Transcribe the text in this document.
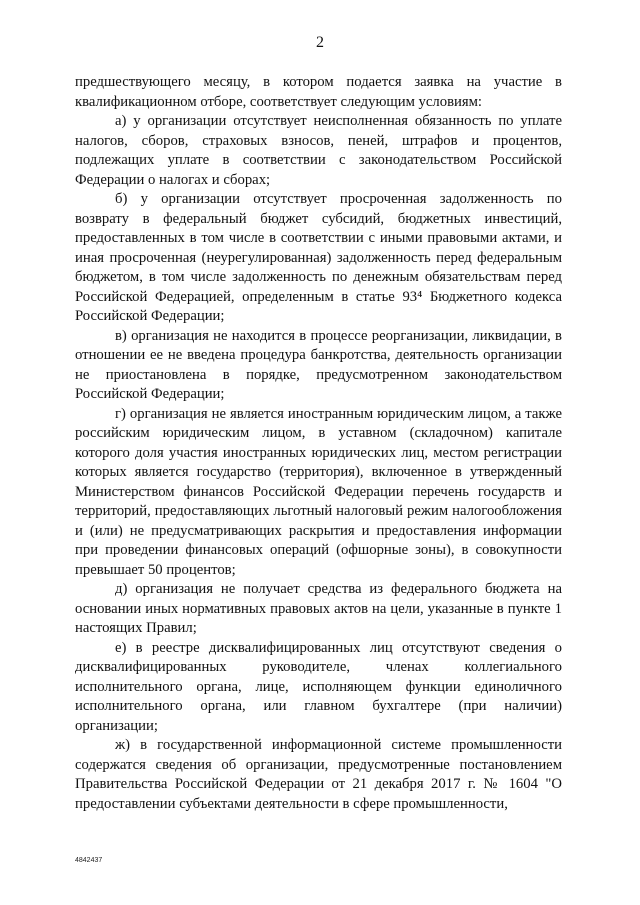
2

предшествующего месяцу, в котором подается заявка на участие в квалификационном отборе, соответствует следующим условиям:

а) у организации отсутствует неисполненная обязанность по уплате налогов, сборов, страховых взносов, пеней, штрафов и процентов, подлежащих уплате в соответствии с законодательством Российской Федерации о налогах и сборах;

б) у организации отсутствует просроченная задолженность по возврату в федеральный бюджет субсидий, бюджетных инвестиций, предоставленных в том числе в соответствии с иными правовыми актами, и иная просроченная (неурегулированная) задолженность перед федеральным бюджетом, в том числе задолженность по денежным обязательствам перед Российской Федерацией, определенным в статье 93⁴ Бюджетного кодекса Российской Федерации;

в) организация не находится в процессе реорганизации, ликвидации, в отношении ее не введена процедура банкротства, деятельность организации не приостановлена в порядке, предусмотренном законодательством Российской Федерации;

г) организация не является иностранным юридическим лицом, а также российским юридическим лицом, в уставном (складочном) капитале которого доля участия иностранных юридических лиц, местом регистрации которых является государство (территория), включенное в утвержденный Министерством финансов Российской Федерации перечень государств и территорий, предоставляющих льготный налоговый режим налогообложения и (или) не предусматривающих раскрытия и предоставления информации при проведении финансовых операций (офшорные зоны), в совокупности превышает 50 процентов;

д) организация не получает средства из федерального бюджета на основании иных нормативных правовых актов на цели, указанные в пункте 1 настоящих Правил;

е) в реестре дисквалифицированных лиц отсутствуют сведения о дисквалифицированных руководителе, членах коллегиального исполнительного органа, лице, исполняющем функции единоличного исполнительного органа, или главном бухгалтере (при наличии) организации;

ж) в государственной информационной системе промышленности содержатся сведения об организации, предусмотренные постановлением Правительства Российской Федерации от 21 декабря 2017 г. № 1604 "О предоставлении субъектами деятельности в сфере промышленности,

4842437
